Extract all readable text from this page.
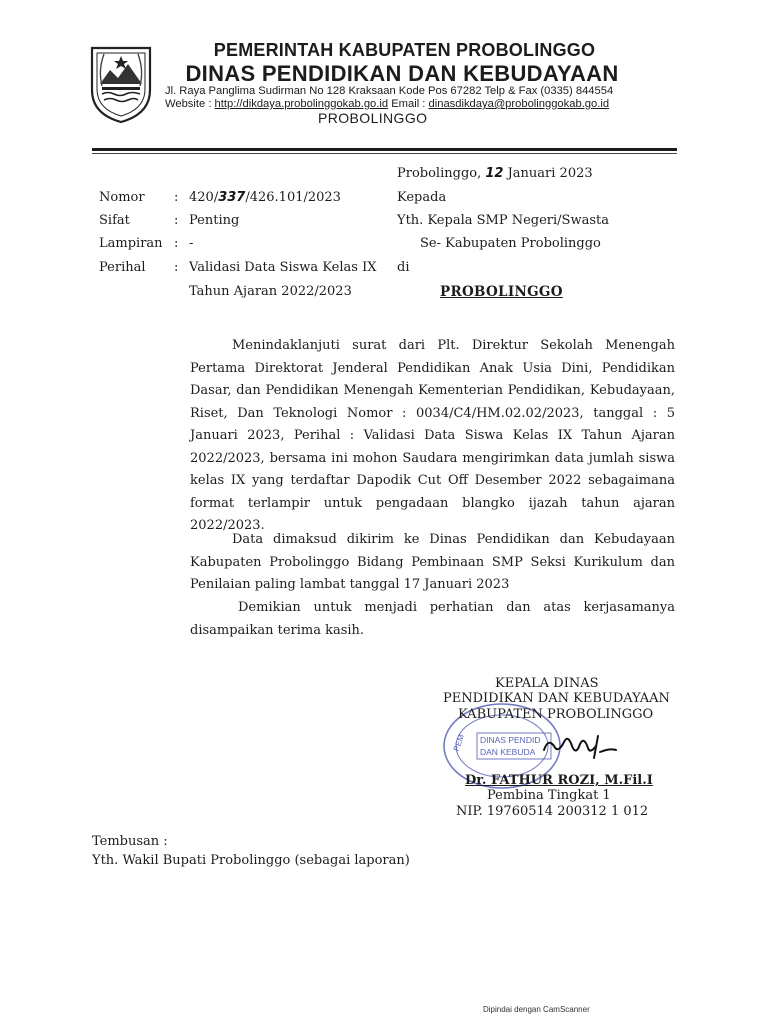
PEMERINTAH KABUPATEN PROBOLINGGO
DINAS PENDIDIKAN DAN KEBUDAYAAN
Jl. Raya Panglima Sudirman No 128 Kraksaan Kode Pos 67282 Telp & Fax (0335) 844554
Website : http://dikdaya.probolinggokab.go.id Email : dinasdikdaya@probolinggokab.go.id
PROBOLINGGO
Probolinggo, 12 Januari 2023
Nomor : 420/337/426.101/2023	Kepada
Sifat	: Penting	Yth. Kepala SMP Negeri/Swasta
Lampiran : -	Se- Kabupaten Probolinggo
Perihal : Validasi Data Siswa Kelas IX
Tahun Ajaran 2022/2023
di
PROBOLINGGO

Menindaklanjuti surat dari Plt. Direktur Sekolah Menengah Pertama Direktorat Jenderal Pendidikan Anak Usia Dini, Pendidikan Dasar, dan Pendidikan Menengah Kementerian Pendidikan, Kebudayaan, Riset, Dan Teknologi Nomor : 0034/C4/HM.02.02/2023, tanggal : 5 Januari 2023, Perihal : Validasi Data Siswa Kelas IX Tahun Ajaran 2022/2023, bersama ini mohon Saudara mengirimkan data jumlah siswa kelas IX yang terdaftar Dapodik Cut Off Desember 2022 sebagaimana format terlampir untuk pengadaan blangko ijazah tahun ajaran 2022/2023.

Data dimaksud dikirim ke Dinas Pendidikan dan Kebudayaan Kabupaten Probolinggo Bidang Pembinaan SMP Seksi Kurikulum dan Penilaian paling lambat tanggal 17 Januari 2023

Demikian untuk menjadi perhatian dan atas kerjasamanya disampaikan terima kasih.

PEM DINAS PENDID
DAN KEBUDA
KEPALA DINAS
PENDIDIKAN DAN KEBUDAYAAN
KABUPATEN PROBOLINGGO
Dr. FATHUR ROZI, M.Fil.I
Pembina Tingkat 1
NIP. 19760514 200312 1 012
Tembusan :
Yth. Wakil Bupati Probolinggo (sebagai laporan)
Dipindai dengan CamScanner
